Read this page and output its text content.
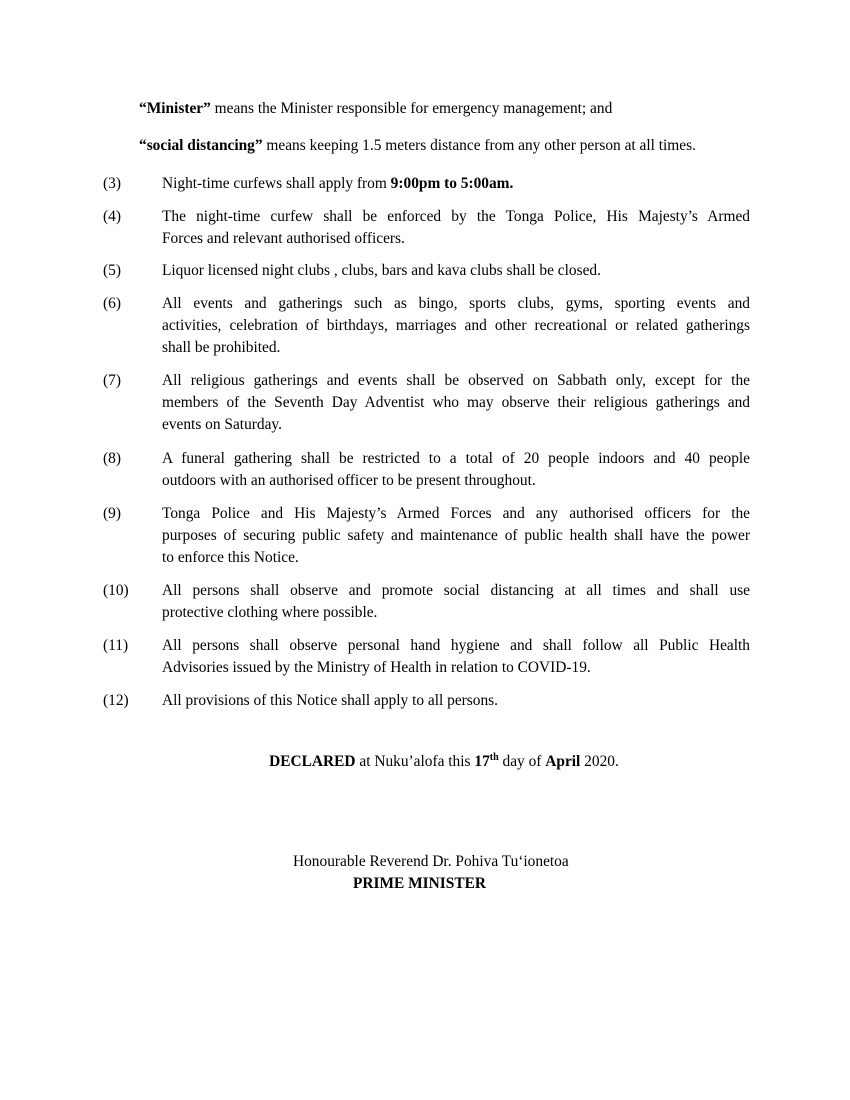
“Minister” means the Minister responsible for emergency management; and
“social distancing” means keeping 1.5 meters distance from any other person at all times.
(3)	Night-time curfews shall apply from 9:00pm to 5:00am.
(4)	The night-time curfew shall be enforced by the Tonga Police, His Majesty’s Armed
Forces and relevant authorised officers.
(5)	Liquor licensed night clubs , clubs, bars and kava clubs shall be closed.
(6)	All events and gatherings such as bingo, sports clubs, gyms, sporting events and
activities, celebration of birthdays, marriages and other recreational or related gatherings
shall be prohibited.
(7)	All religious gatherings and events shall be observed on Sabbath only, except for the
members of the Seventh Day Adventist who may observe their religious gatherings and
events on Saturday.
(8)	A funeral gathering shall be restricted to a total of 20 people indoors and 40 people
outdoors with an authorised officer to be present throughout.
(9)	Tonga Police and His Majesty’s Armed Forces and any authorised officers for the
purposes of securing public safety and maintenance of public health shall have the power
to enforce this Notice.
(10) All persons shall observe and promote social distancing at all times and shall use
protective clothing where possible.
(11) All persons shall observe personal hand hygiene and shall follow all Public Health
Advisories issued by the Ministry of Health in relation to COVID-19.
(12) All provisions of this Notice shall apply to all persons.
DECLARED at Nuku’alofa this 17th day of April 2020.
Honourable Reverend Dr. Pohiva Tu‘ionetoa
PRIME MINISTER
